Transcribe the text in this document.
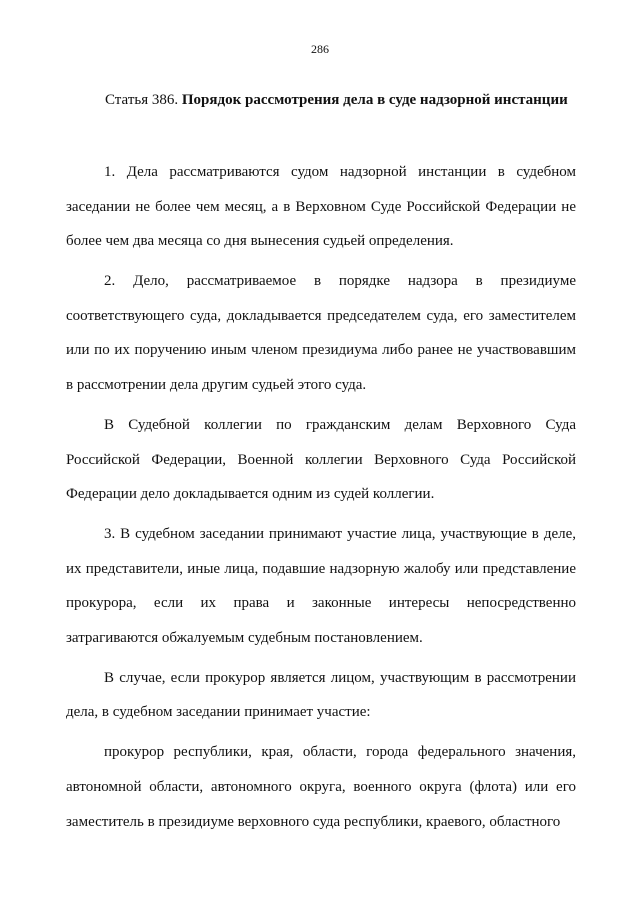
286
Статья 386. Порядок рассмотрения дела в суде надзорной инстанции

1. Дела рассматриваются судом надзорной инстанции в судебном заседании не более чем месяц, а в Верховном Суде Российской Федерации не более чем два месяца со дня вынесения судьей определения.

2. Дело, рассматриваемое в порядке надзора в президиуме соответствующего суда, докладывается председателем суда, его заместителем или по их поручению иным членом президиума либо ранее не участвовавшим в рассмотрении дела другим судьей этого суда.

В Судебной коллегии по гражданским делам Верховного Суда Российской Федерации, Военной коллегии Верховного Суда Российской Федерации дело докладывается одним из судей коллегии.

3. В судебном заседании принимают участие лица, участвующие в деле, их представители, иные лица, подавшие надзорную жалобу или представление прокурора, если их права и законные интересы непосредственно затрагиваются обжалуемым судебным постановлением.

В случае, если прокурор является лицом, участвующим в рассмотрении дела, в судебном заседании принимает участие:

прокурор республики, края, области, города федерального значения, автономной области, автономного округа, военного округа (флота) или его заместитель в президиуме верховного суда республики, краевого, областного
